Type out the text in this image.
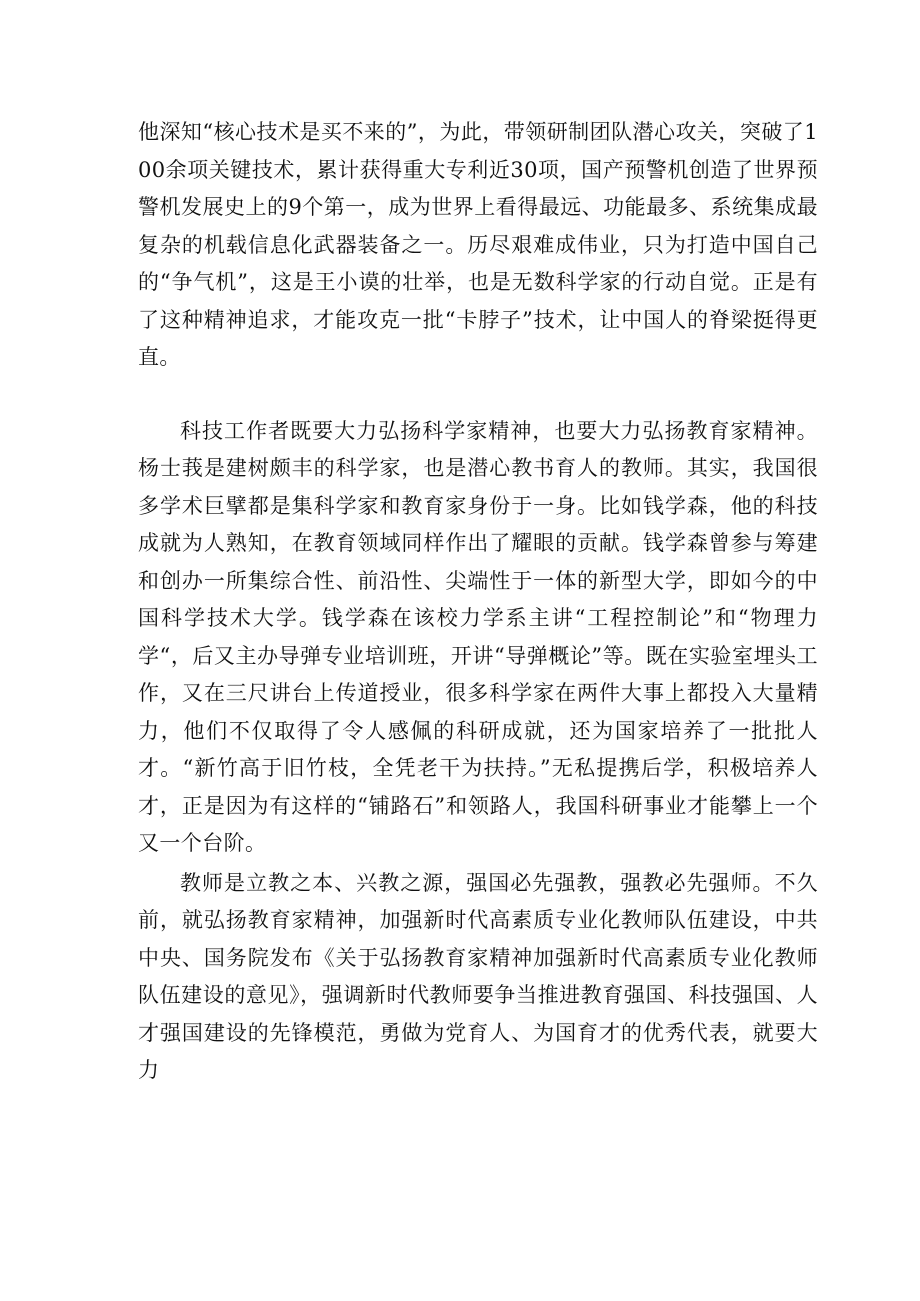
他深知“核心技术是买不来的”，为此，带领研制团队潜心攻关，突破了100余项关键技术，累计获得重大专利近30项，国产预警机创造了世界预警机发展史上的9个第一，成为世界上看得最远、功能最多、系统集成最复杂的机载信息化武器装备之一。历尽艰难成伟业，只为打造中国自己的“争气机”，这是王小谟的壮举，也是无数科学家的行动自觉。正是有了这种精神追求，才能攻克一批“卡脖子”技术，让中国人的脊梁挺得更直。

科技工作者既要大力弘扬科学家精神，也要大力弘扬教育家精神。杨士莪是建树颇丰的科学家，也是潜心教书育人的教师。其实，我国很多学术巨擘都是集科学家和教育家身份于一身。比如钱学森，他的科技成就为人熟知，在教育领域同样作出了耀眼的贡献。钱学森曾参与筹建和创办一所集综合性、前沿性、尖端性于一体的新型大学，即如今的中国科学技术大学。钱学森在该校力学系主讲“工程控制论”和“物理力学“，后又主办导弹专业培训班，开讲“导弹概论”等。既在实验室埋头工作，又在三尺讲台上传道授业，很多科学家在两件大事上都投入大量精力，他们不仅取得了令人感佩的科研成就，还为国家培养了一批批人才。“新竹高于旧竹枝，全凭老干为扶持。”无私提携后学，积极培养人才，正是因为有这样的“铺路石”和领路人，我国科研事业才能攀上一个又一个台阶。

教师是立教之本、兴教之源，强国必先强教，强教必先强师。不久前，就弘扬教育家精神，加强新时代高素质专业化教师队伍建设，中共中央、国务院发布《关于弘扬教育家精神加强新时代高素质专业化教师队伍建设的意见》，强调新时代教师要争当推进教育强国、科技强国、人才强国建设的先锋模范，勇做为党育人、为国育才的优秀代表，就要大力
